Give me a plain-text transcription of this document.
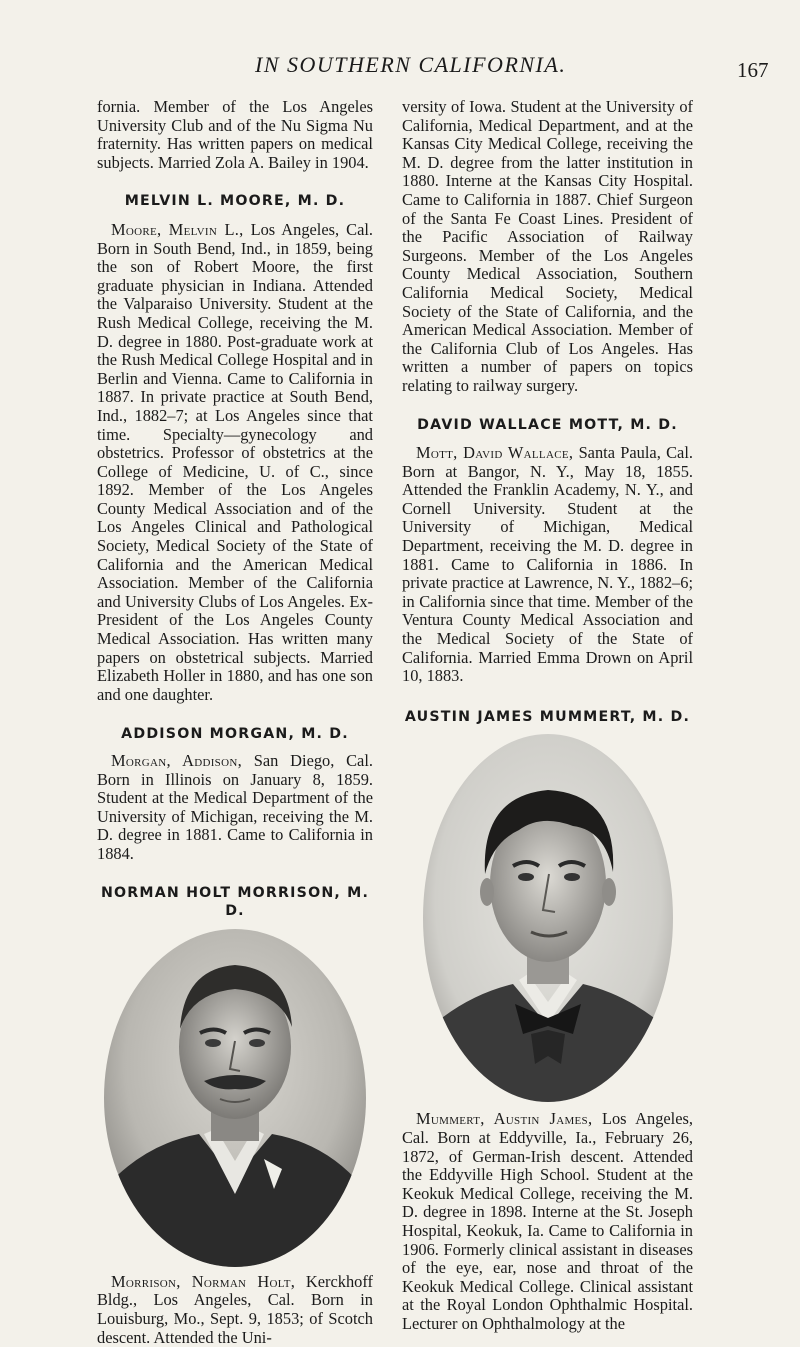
IN SOUTHERN CALIFORNIA.	167

fornia. Member of the Los Angeles University Club and of the Nu Sigma Nu fraternity. Has written papers on medical subjects. Married Zola A. Bailey in 1904.

MELVIN L. MOORE, M. D.

Moore, Melvin L., Los Angeles, Cal. Born in South Bend, Ind., in 1859, being the son of Robert Moore, the first graduate physician in Indiana. Attended the Valparaiso University. Student at the Rush Medical College, receiving the M. D. degree in 1880. Post-graduate work at the Rush Medical College Hospital and in Berlin and Vienna. Came to California in 1887. In private practice at South Bend, Ind., 1882–7; at Los Angeles since that time. Specialty—gynecology and obstetrics. Professor of obstetrics at the College of Medicine, U. of C., since 1892. Member of the Los Angeles County Medical Association and of the Los Angeles Clinical and Pathological Society, Medical Society of the State of California and the American Medical Association. Member of the California and University Clubs of Los Angeles. Ex-President of the Los Angeles County Medical Association. Has written many papers on obstetrical subjects. Married Elizabeth Holler in 1880, and has one son and one daughter.

ADDISON MORGAN, M. D.

Morgan, Addison, San Diego, Cal. Born in Illinois on January 8, 1859. Student at the Medical Department of the University of Michigan, receiving the M. D. degree in 1881. Came to California in 1884.

NORMAN HOLT MORRISON, M. D.

Morrison, Norman Holt, Kerckhoff Bldg., Los Angeles, Cal. Born in Louisburg, Mo., Sept. 9, 1853; of Scotch descent. Attended the Uni-

versity of Iowa. Student at the University of California, Medical Department, and at the Kansas City Medical College, receiving the M. D. degree from the latter institution in 1880. Interne at the Kansas City Hospital. Came to California in 1887. Chief Surgeon of the Santa Fe Coast Lines. President of the Pacific Association of Railway Surgeons. Member of the Los Angeles County Medical Association, Southern California Medical Society, Medical Society of the State of California, and the American Medical Association. Member of the California Club of Los Angeles. Has written a number of papers on topics relating to railway surgery.

DAVID WALLACE MOTT, M. D.

Mott, David Wallace, Santa Paula, Cal. Born at Bangor, N. Y., May 18, 1855. Attended the Franklin Academy, N. Y., and Cornell University. Student at the University of Michigan, Medical Department, receiving the M. D. degree in 1881. Came to California in 1886. In private practice at Lawrence, N. Y., 1882–6; in California since that time. Member of the Ventura County Medical Association and the Medical Society of the State of California. Married Emma Drown on April 10, 1883.

AUSTIN JAMES MUMMERT, M. D.

Mummert, Austin James, Los Angeles, Cal. Born at Eddyville, Ia., February 26, 1872, of German-Irish descent. Attended the Eddyville High School. Student at the Keokuk Medical College, receiving the M. D. degree in 1898. Interne at the St. Joseph Hospital, Keokuk, Ia. Came to California in 1906. Formerly clinical assistant in diseases of the eye, ear, nose and throat of the Keokuk Medical College. Clinical assistant at the Royal London Ophthalmic Hospital. Lecturer on Ophthalmology at the
